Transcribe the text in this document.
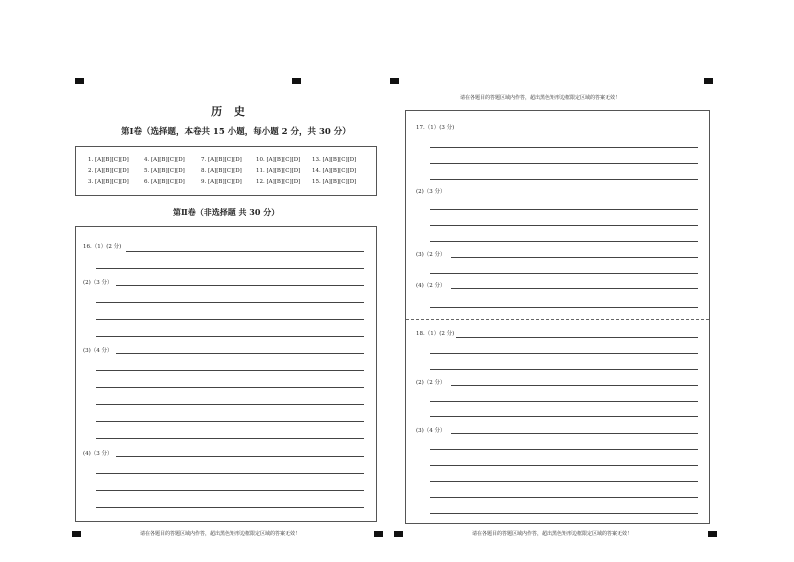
历 史
第Ⅰ卷（选择题，本卷共 15 小题，每小题 2 分，共 30 分）
1. [A][B][C][D]	4. [A][B][C][D]	7. [A][B][C][D]	10. [A][B][C][D] 13. [A][B][C][D]
2. [A][B][C][D]	5. [A][B][C][D]	8. [A][B][C][D]	11. [A][B][C][D] 14. [A][B][C][D]
3. [A][B][C][D]	6. [A][B][C][D]	9. [A][B][C][D]	12. [A][B][C][D] 15. [A][B][C][D]
第Ⅱ卷（非选择题 共 30 分）
16.（1）(2 分)
(2)（3 分）
(3)（4 分）
(4)（3 分）
请在各题目的答题区域内作答，超出黑色矩形边框限定区域的答案无效！
请在各题目的答题区域内作答，超出黑色矩形边框限定区域的答案无效！
17.（1）(3 分)
(2)（3 分）
(3)（2 分）
(4)（2 分）
18.（1）(2 分)
(2)（2 分）
(3)（4 分）
请在各题目的答题区域内作答，超出黑色矩形边框限定区域的答案无效！
